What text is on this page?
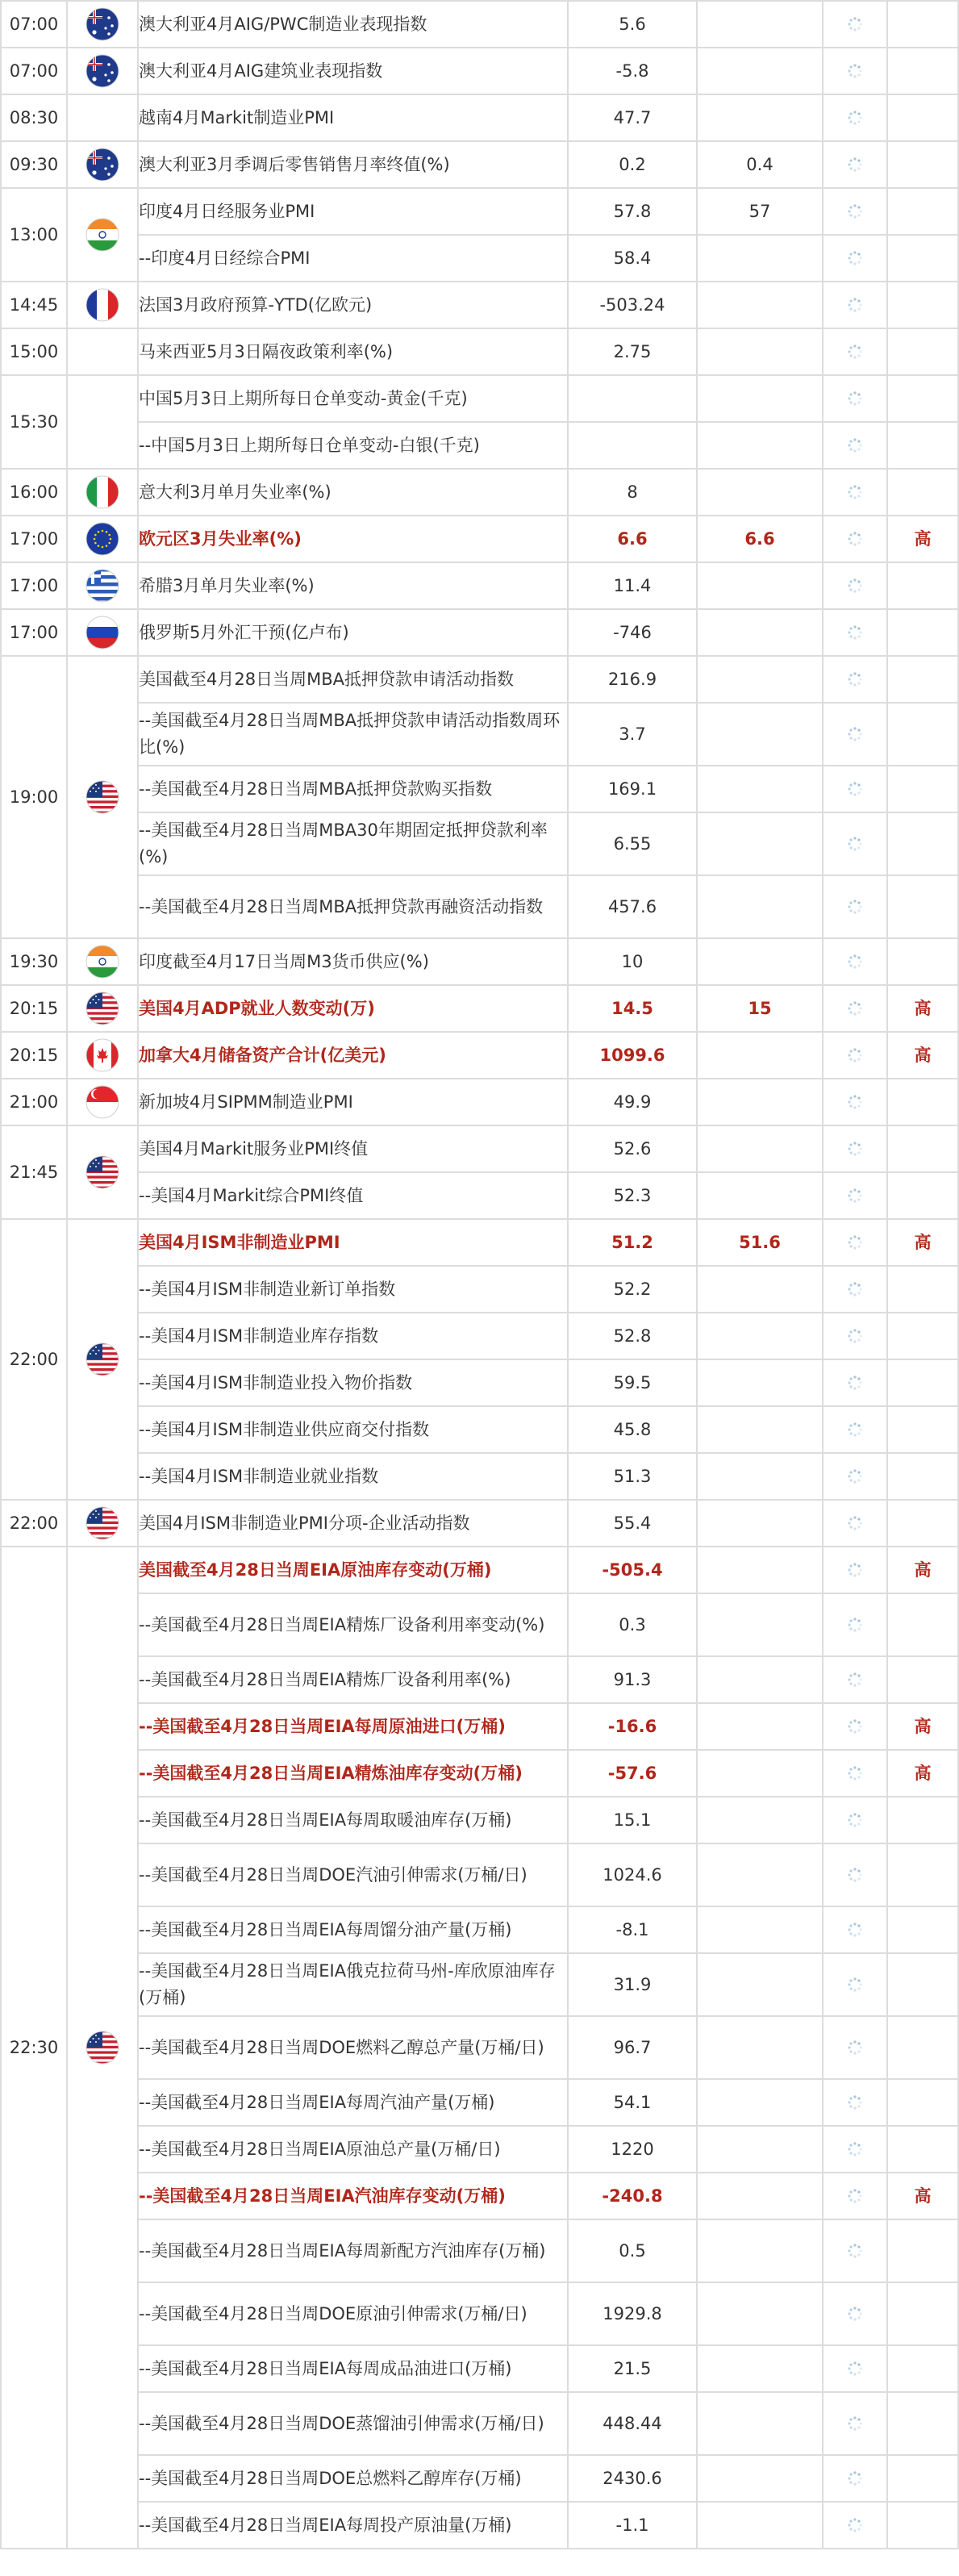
07:00		澳大利亚4月AIG/PWC制造业表现指数	5.6		

07:00		澳大利亚4月AIG建筑业表现指数	-5.8		

08:30		越南4月Markit制造业PMI	47.7		

09:30		澳大利亚3月季调后零售销售月率终值(%)	0.2	0.4	

13:00		印度4月日经服务业PMI	57.8	57	

		--印度4月日经综合PMI	58.4		

14:45		法国3月政府预算-YTD(亿欧元)	-503.24		

15:00		马来西亚5月3日隔夜政策利率(%)	2.75		

15:30		中国5月3日上期所每日仓单变动-黄金(千克)			

		--中国5月3日上期所每日仓单变动-白银(千克)			

16:00		意大利3月单月失业率(%)	8		

17:00		欧元区3月失业率(%)	6.6	6.6		高
17:00		希腊3月单月失业率(%)	11.4		

17:00		俄罗斯5月外汇干预(亿卢布)	-746		

19:00		美国截至4月28日当周MBA抵押贷款申请活动指数	216.9		

		--美国截至4月28日当周MBA抵押贷款申请活动指数周环比(%)	3.7		

		--美国截至4月28日当周MBA抵押贷款购买指数	169.1		

		--美国截至4月28日当周MBA30年期固定抵押贷款利率(%)	6.55		

		--美国截至4月28日当周MBA抵押贷款再融资活动指数	457.6		

19:30		印度截至4月17日当周M3货币供应(%)	10		

20:15		美国4月ADP就业人数变动(万)	14.5	15		高
20:15		加拿大4月储备资产合计(亿美元)	1099.6			高
21:00		新加坡4月SIPMM制造业PMI	49.9		

21:45		美国4月Markit服务业PMI终值	52.6		

		--美国4月Markit综合PMI终值	52.3		

22:00		美国4月ISM非制造业PMI	51.2	51.6		高
		--美国4月ISM非制造业新订单指数	52.2		

		--美国4月ISM非制造业库存指数	52.8		

		--美国4月ISM非制造业投入物价指数	59.5		

		--美国4月ISM非制造业供应商交付指数	45.8		

		--美国4月ISM非制造业就业指数	51.3		

22:00		美国4月ISM非制造业PMI分项-企业活动指数	55.4		

22:30		美国截至4月28日当周EIA原油库存变动(万桶)	-505.4			高
		--美国截至4月28日当周EIA精炼厂设备利用率变动(%)	0.3		

		--美国截至4月28日当周EIA精炼厂设备利用率(%)	91.3		

		--美国截至4月28日当周EIA每周原油进口(万桶)	-16.6			高
		--美国截至4月28日当周EIA精炼油库存变动(万桶)	-57.6			高
		--美国截至4月28日当周EIA每周取暖油库存(万桶)	15.1		

		--美国截至4月28日当周DOE汽油引伸需求(万桶/日)	1024.6		

		--美国截至4月28日当周EIA每周馏分油产量(万桶)	-8.1		

		--美国截至4月28日当周EIA俄克拉荷马州-库欣原油库存(万桶)	31.9		

		--美国截至4月28日当周DOE燃料乙醇总产量(万桶/日)	96.7		

		--美国截至4月28日当周EIA每周汽油产量(万桶)	54.1		

		--美国截至4月28日当周EIA原油总产量(万桶/日)	1220		

		--美国截至4月28日当周EIA汽油库存变动(万桶)	-240.8			高
		--美国截至4月28日当周EIA每周新配方汽油库存(万桶)	0.5		

		--美国截至4月28日当周DOE原油引伸需求(万桶/日)	1929.8		

		--美国截至4月28日当周EIA每周成品油进口(万桶)	21.5		

		--美国截至4月28日当周DOE蒸馏油引伸需求(万桶/日)	448.44		

		--美国截至4月28日当周DOE总燃料乙醇库存(万桶)	2430.6		

		--美国截至4月28日当周EIA每周投产原油量(万桶)	-1.1		
